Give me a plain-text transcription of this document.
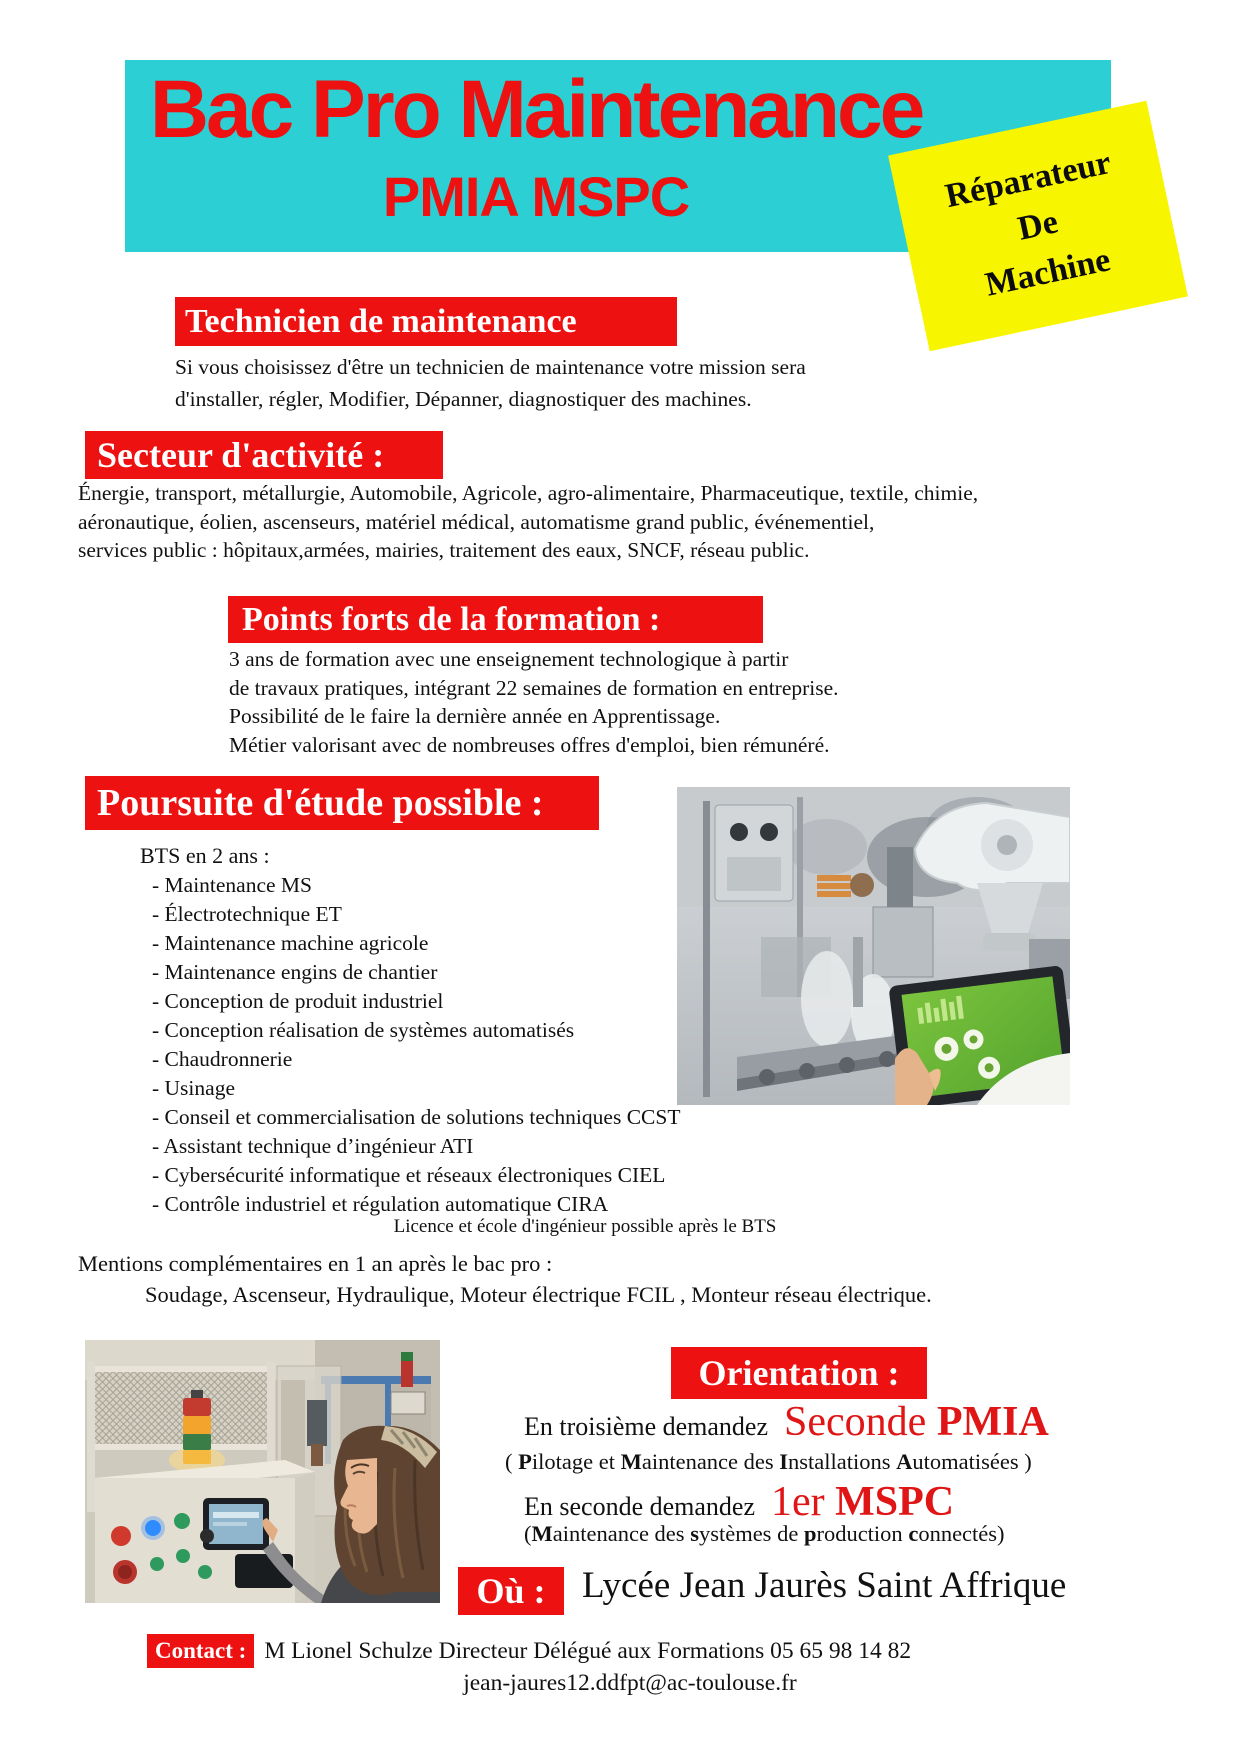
Bac Pro Maintenance
PMIA MSPC	Réparateur
De
Machine
Technicien de maintenance
Si vous choisissez d'être un technicien de maintenance votre mission sera
d'installer, régler, Modifier, Dépanner, diagnostiquer des machines.
Secteur d'activité :
Énergie, transport, métallurgie, Automobile, Agricole, agro-alimentaire, Pharmaceutique, textile, chimie,
aéronautique, éolien, ascenseurs, matériel médical, automatisme grand public, événementiel,
services public : hôpitaux,armées, mairies, traitement des eaux, SNCF, réseau public.
Points forts de la formation :
3 ans de formation avec une enseignement technologique à partir
de travaux pratiques, intégrant 22 semaines de formation en entreprise.
Possibilité de le faire la dernière année en Apprentissage.
Métier valorisant avec de nombreuses offres d'emploi, bien rémunéré.
Poursuite d'étude possible :
BTS en 2 ans :
- Maintenance MS
- Électrotechnique ET
- Maintenance machine agricole
- Maintenance engins de chantier
- Conception de produit industriel
- Conception réalisation de systèmes automatisés
- Chaudronnerie
- Usinage
- Conseil et commercialisation de solutions techniques CCST
- Assistant technique d’ingénieur ATI
- Cybersécurité informatique et réseaux électroniques CIEL
- Contrôle industriel et régulation automatique CIRA
Licence et école d'ingénieur possible après le BTS
Mentions complémentaires en 1 an après le bac pro :
Soudage, Ascenseur, Hydraulique, Moteur électrique FCIL , Monteur réseau électrique.
Orientation :
En troisième demandez Seconde PMIA
( Pilotage et Maintenance des Installations Automatisées )
En seconde demandez 1er MSPC
(Maintenance des systèmes de production connectés)
Où : Lycée Jean Jaurès Saint Affrique
Contact : M Lionel Schulze Directeur Délégué aux Formations 05 65 98 14 82
jean-jaures12.ddfpt@ac-toulouse.fr
